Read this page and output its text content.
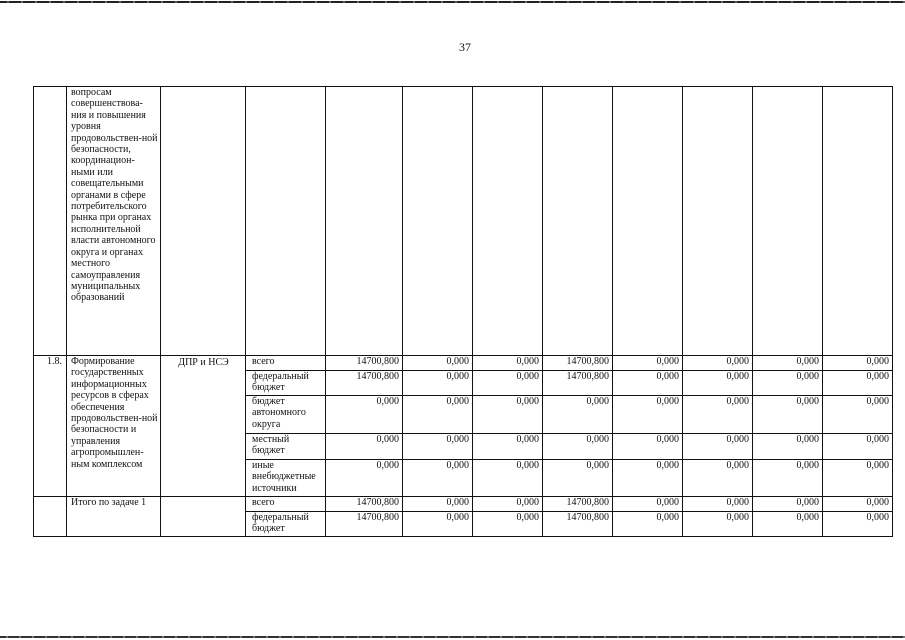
37
	вопросам совершенствова-ния и повышения уровня продовольствен-ной безопасности, координацион-ными или совещательными органами в сфере потребительского рынка при органах исполнительной власти автономного округа и органах местного самоуправления муниципальных образований										
1.8.	Формирование государственных информационных ресурсов в сферах обеспечения продовольствен-ной безопасности и управления агропромышлен-ным комплексом	ДПР и НСЭ	всего	14700,800	0,000	0,000	14700,800	0,000	0,000	0,000	0,000
			федеральный бюджет	14700,800	0,000	0,000	14700,800	0,000	0,000	0,000	0,000
			бюджет автономного округа	0,000	0,000	0,000	0,000	0,000	0,000	0,000	0,000
			местный бюджет	0,000	0,000	0,000	0,000	0,000	0,000	0,000	0,000
			иные внебюджетные источники	0,000	0,000	0,000	0,000	0,000	0,000	0,000	0,000
	Итого по задаче 1		всего	14700,800	0,000	0,000	14700,800	0,000	0,000	0,000	0,000
			федеральный бюджет	14700,800	0,000	0,000	14700,800	0,000	0,000	0,000	0,000
